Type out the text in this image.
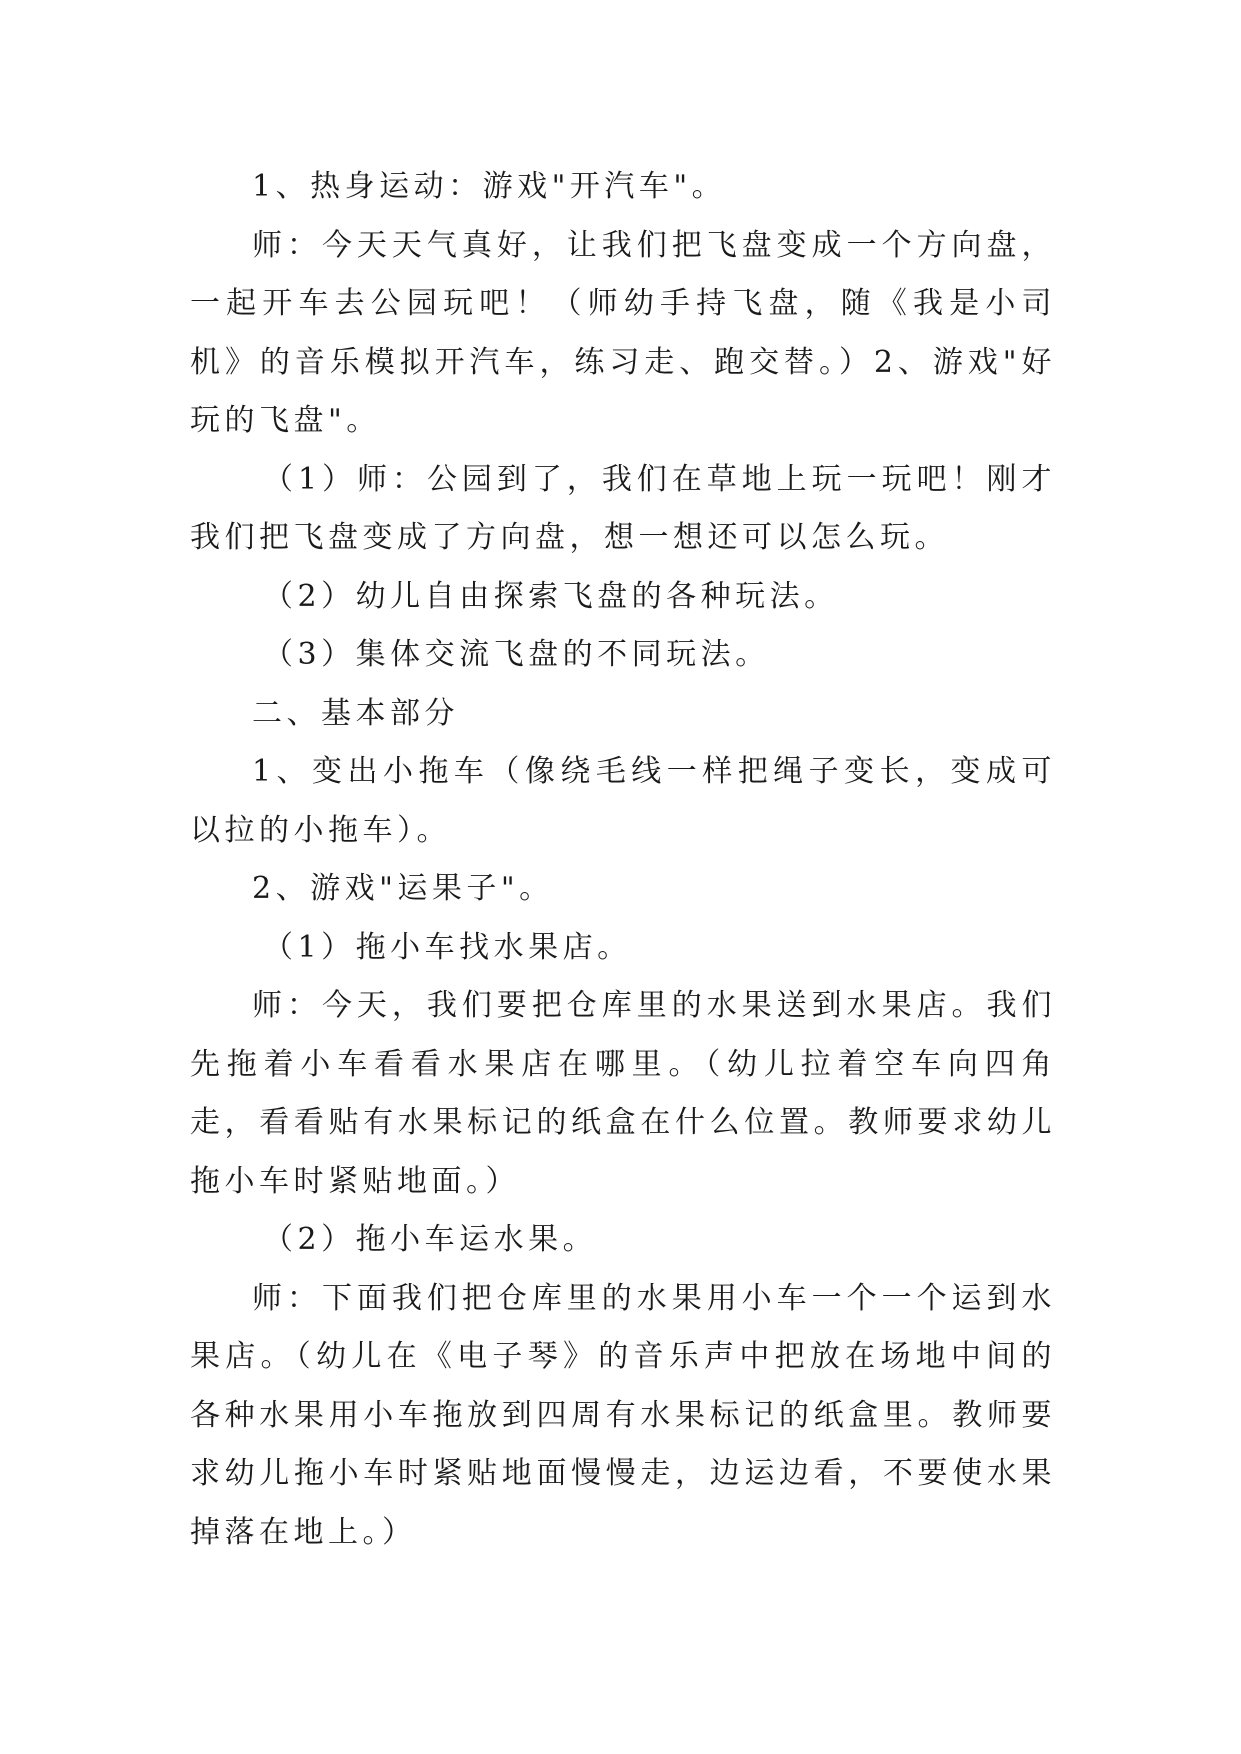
1、热身运动：游戏"开汽车"。

师：今天天气真好，让我们把飞盘变成一个方向盘，一起开车去公园玩吧！（师幼手持飞盘，随《我是小司机》的音乐模拟开汽车，练习走、跑交替。）2、游戏"好玩的飞盘"。

（1）师：公园到了，我们在草地上玩一玩吧！刚才我们把飞盘变成了方向盘，想一想还可以怎么玩。

（2）幼儿自由探索飞盘的各种玩法。

（3）集体交流飞盘的不同玩法。

二、基本部分

1、变出小拖车（像绕毛线一样把绳子变长，变成可以拉的小拖车）。

2、游戏"运果子"。

（1）拖小车找水果店。

师：今天，我们要把仓库里的水果送到水果店。我们先拖着小车看看水果店在哪里。（幼儿拉着空车向四角走，看看贴有水果标记的纸盒在什么位置。教师要求幼儿拖小车时紧贴地面。）

（2）拖小车运水果。

师：下面我们把仓库里的水果用小车一个一个运到水果店。（幼儿在《电子琴》的音乐声中把放在场地中间的各种水果用小车拖放到四周有水果标记的纸盒里。教师要求幼儿拖小车时紧贴地面慢慢走，边运边看，不要使水果掉落在地上。）
